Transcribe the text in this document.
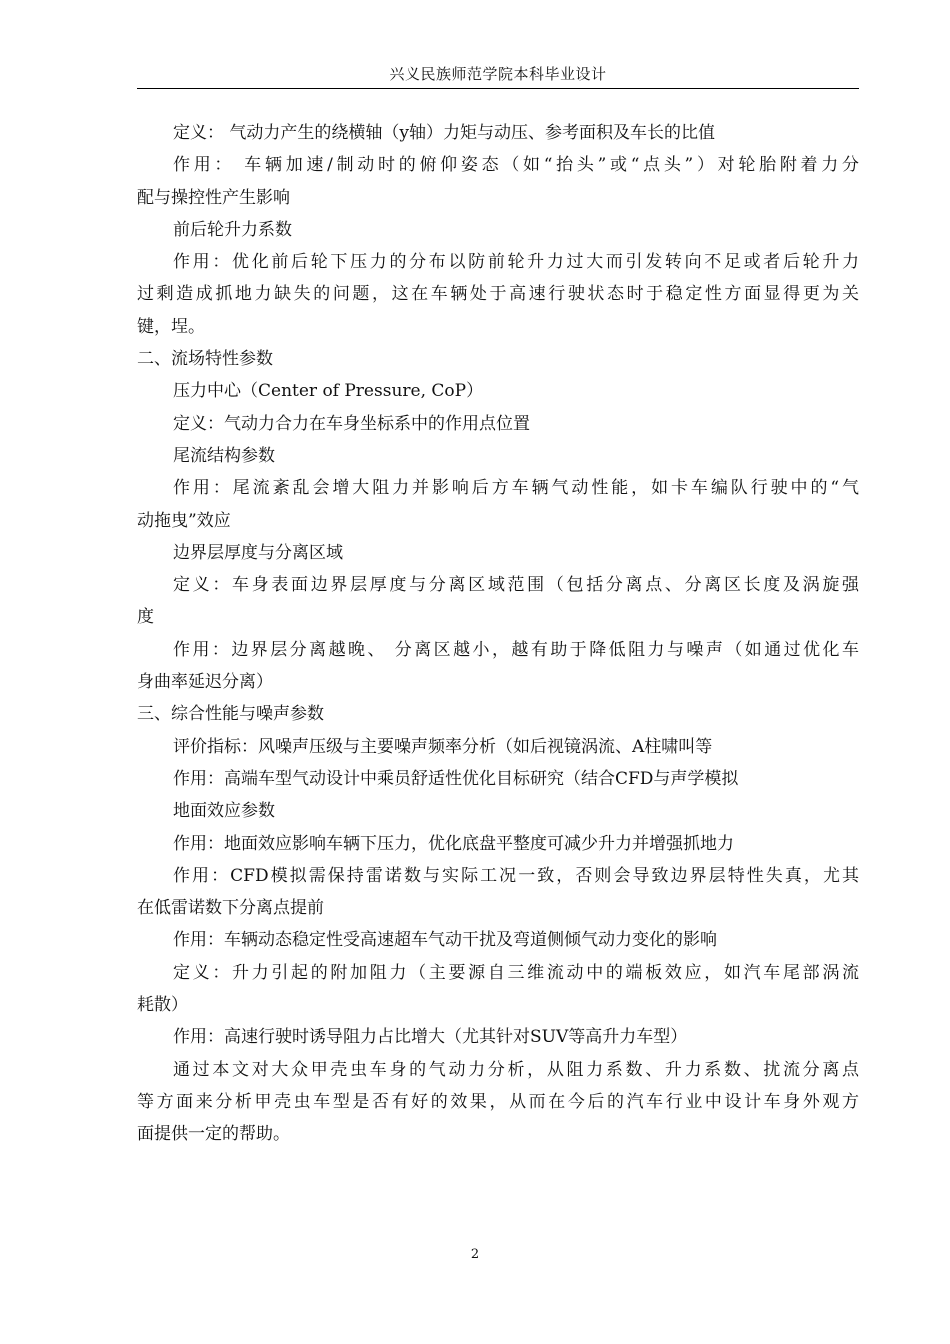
兴义民族师范学院本科毕业设计
定义： 气动力产生的绕横轴（y轴）力矩与动压、参考面积及车长的比值
作用： 车辆加速/制动时的俯仰姿态（如“抬头”或“点头”）对轮胎附着力分
配与操控性产生影响
前后轮升力系数
作用：优化前后轮下压力的分布以防前轮升力过大而引发转向不足或者后轮升力
过剩造成抓地力缺失的问题，这在车辆处于高速行驶状态时于稳定性方面显得更为关
键，埕。
二、流场特性参数
压力中心（Center of Pressure, CoP）
定义：气动力合力在车身坐标系中的作用点位置
尾流结构参数
作用：尾流紊乱会增大阻力并影响后方车辆气动性能，如卡车编队行驶中的“气
动拖曳”效应
边界层厚度与分离区域
定义：车身表面边界层厚度与分离区域范围（包括分离点、分离区长度及涡旋强
度
作用：边界层分离越晚、 分离区越小，越有助于降低阻力与噪声（如通过优化车
身曲率延迟分离）
三、综合性能与噪声参数
评价指标：风噪声压级与主要噪声频率分析（如后视镜涡流、A柱啸叫等
作用：高端车型气动设计中乘员舒适性优化目标研究（结合CFD与声学模拟
地面效应参数
作用：地面效应影响车辆下压力，优化底盘平整度可减少升力并增强抓地力
作用：CFD模拟需保持雷诺数与实际工况一致，否则会导致边界层特性失真，尤其
在低雷诺数下分离点提前
作用：车辆动态稳定性受高速超车气动干扰及弯道侧倾气动力变化的影响
定义：升力引起的附加阻力（主要源自三维流动中的端板效应，如汽车尾部涡流
耗散）
作用：高速行驶时诱导阻力占比增大（尤其针对SUV等高升力车型）
通过本文对大众甲壳虫车身的气动力分析，从阻力系数、升力系数、扰流分离点
等方面来分析甲壳虫车型是否有好的效果，从而在今后的汽车行业中设计车身外观方
面提供一定的帮助。
2
